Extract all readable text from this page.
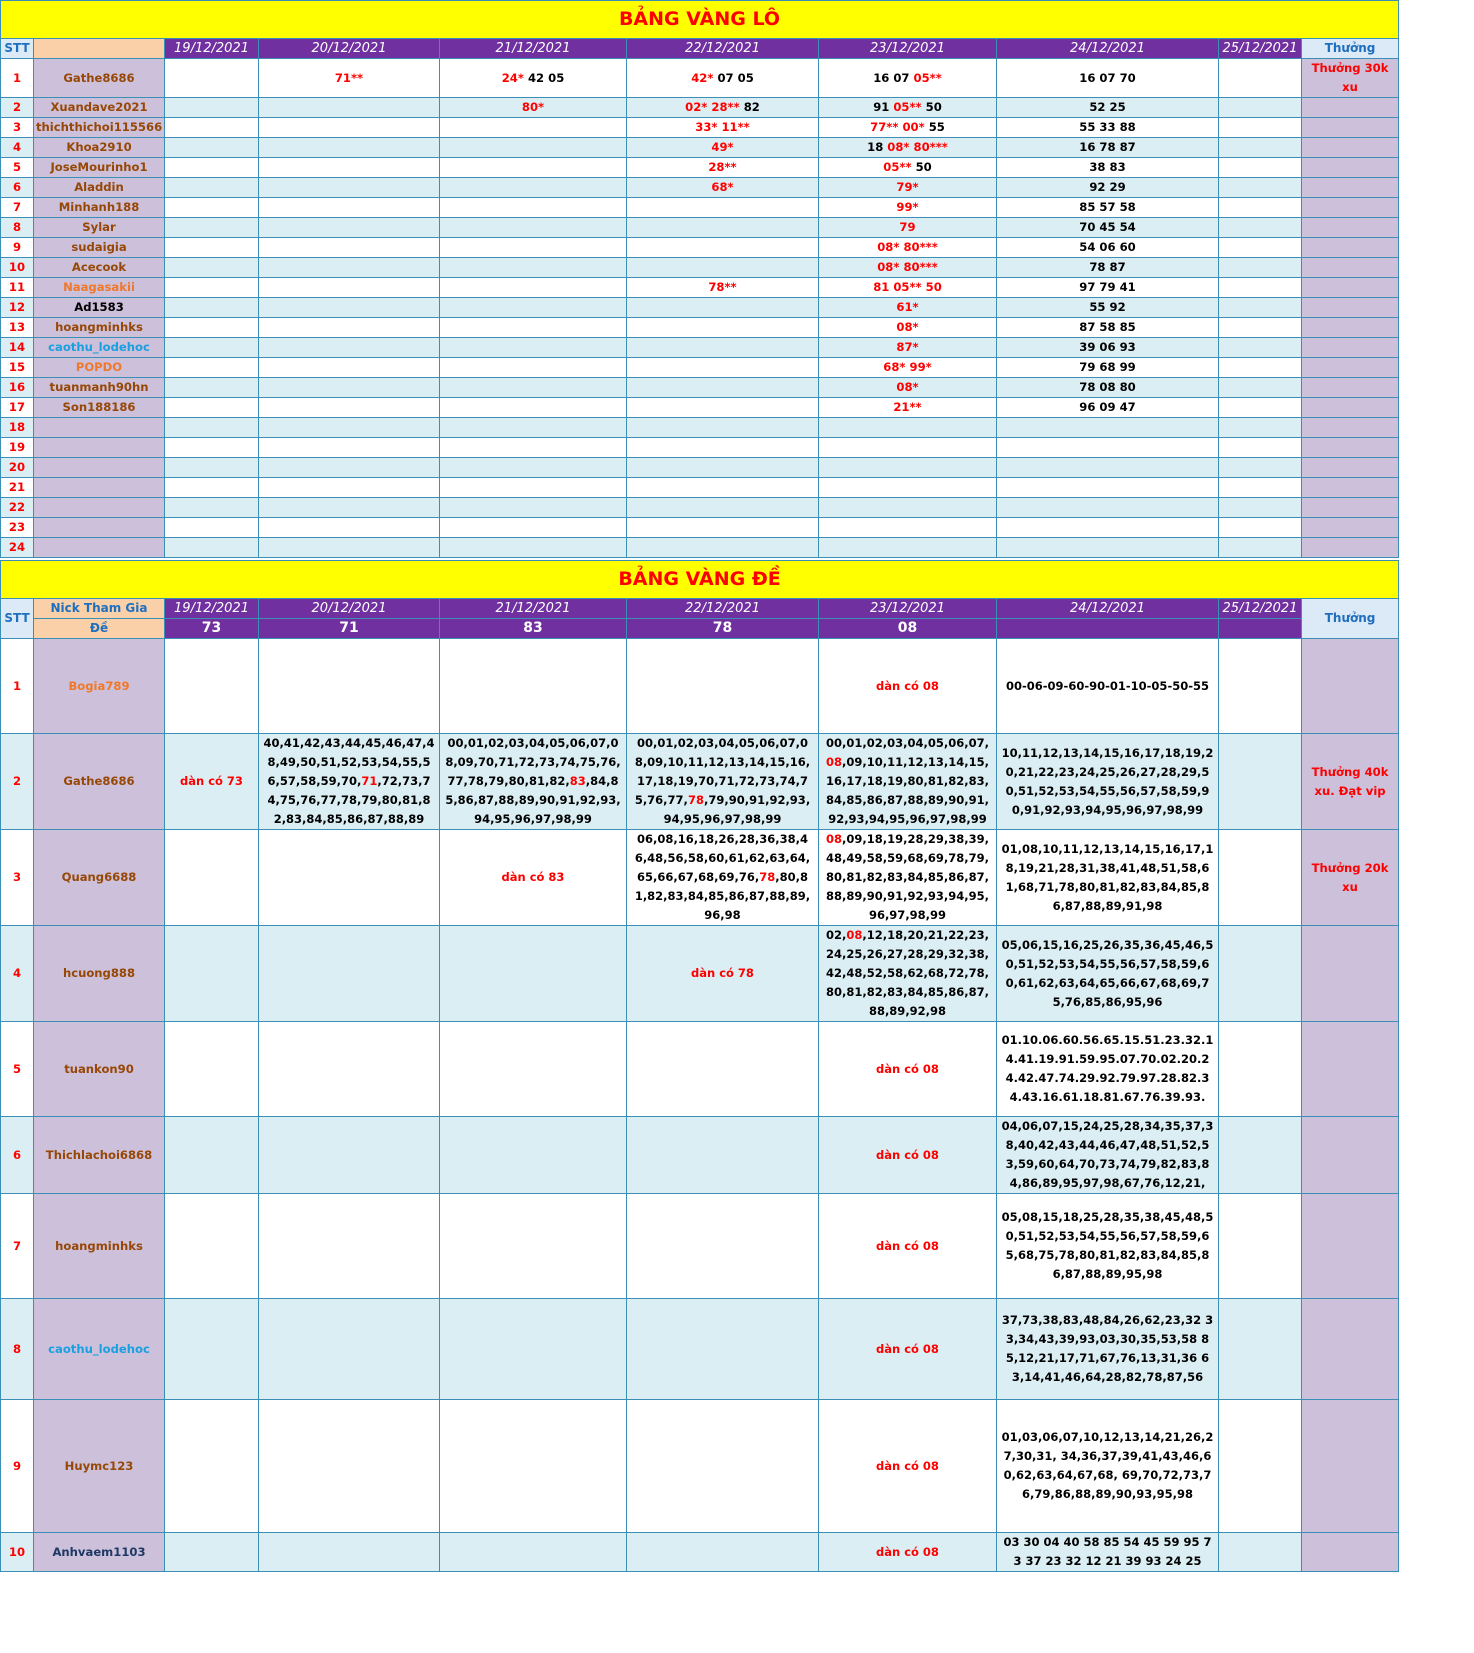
BẢNG VÀNG LÔ									
STT		19/12/2021	20/12/2021	21/12/2021	22/12/2021	23/12/2021	24/12/2021	25/12/2021	Thưởng
1	Gathe8686		71**	24* 42 05	42* 07 05	16 07 05**	16 07 70		Thưởng 30k xu
2	Xuandave2021			80*	02* 28** 82	91 05** 50	52 25		
3	thichthichoi115566				33* 11**	77** 00* 55	55 33 88		
4	Khoa2910				49*	18 08* 80***	16 78 87		
5	JoseMourinho1				28**	05** 50	38 83		
6	Aladdin				68*	79*	92 29		
7	Minhanh188					99*	85 57 58		
8	Sylar					79	70 45 54		
9	sudaigia					08* 80***	54 06 60		
10	Acecook					08* 80***	78 87		
11	Naagasakii				78**	81 05** 50	97 79 41		
12	Ad1583					61*	55 92		
13	hoangminhks					08*	87 58 85		
14	caothu_lodehoc					87*	39 06 93		
15	POPDO					68* 99*	79 68 99		
16	tuanmanh90hn					08*	78 08 80		
17	Son188186					21**	96 09 47		
18									
19									
20									
21									
22									
23									
24									
BẢNG VÀNG ĐỀ									
STT	Nick Tham Gia	19/12/2021	20/12/2021	21/12/2021	22/12/2021	23/12/2021	24/12/2021	25/12/2021	Thưởng
	Đề	73	71	83	78	08			
1	Bogia789					dàn có 08	00-06-09-60-90-01-10-05-50-55		
2	Gathe8686	dàn có 73	40,41,42,43,44,45,46,47,48,49,50,51,52,53,54,55,56,57,58,59,70,71,72,73,74,75,76,77,78,79,80,81,82,83,84,85,86,87,88,89	00,01,02,03,04,05,06,07,08,09,70,71,72,73,74,75,76,77,78,79,80,81,82,83,84,85,86,87,88,89,90,91,92,93,94,95,96,97,98,99	00,01,02,03,04,05,06,07,08,09,10,11,12,13,14,15,16,17,18,19,70,71,72,73,74,75,76,77,78,79,90,91,92,93,94,95,96,97,98,99	00,01,02,03,04,05,06,07,08,09,10,11,12,13,14,15,16,17,18,19,80,81,82,83,84,85,86,87,88,89,90,91,92,93,94,95,96,97,98,99	10,11,12,13,14,15,16,17,18,19,20,21,22,23,24,25,26,27,28,29,50,51,52,53,54,55,56,57,58,59,90,91,92,93,94,95,96,97,98,99		Thưởng 40k xu. Đạt vip
3	Quang6688			dàn có 83	06,08,16,18,26,28,36,38,46,48,56,58,60,61,62,63,64,65,66,67,68,69,76,78,80,81,82,83,84,85,86,87,88,89,96,98	08,09,18,19,28,29,38,39,48,49,58,59,68,69,78,79,80,81,82,83,84,85,86,87,88,89,90,91,92,93,94,95,96,97,98,99	01,08,10,11,12,13,14,15,16,17,18,19,21,28,31,38,41,48,51,58,61,68,71,78,80,81,82,83,84,85,86,87,88,89,91,98		Thưởng 20k xu
4	hcuong888				dàn có 78	02,08,12,18,20,21,22,23,24,25,26,27,28,29,32,38,42,48,52,58,62,68,72,78,80,81,82,83,84,85,86,87,88,89,92,98	05,06,15,16,25,26,35,36,45,46,50,51,52,53,54,55,56,57,58,59,60,61,62,63,64,65,66,67,68,69,75,76,85,86,95,96		
5	tuankon90					dàn có 08	01.10.06.60.56.65.15.51.23.32.14.41.19.91.59.95.07.70.02.20.24.42.47.74.29.92.79.97.28.82.34.43.16.61.18.81.67.76.39.93.		
6	Thichlachoi6868					dàn có 08	04,06,07,15,24,25,28,34,35,37,38,40,42,43,44,46,47,48,51,52,53,59,60,64,70,73,74,79,82,83,84,86,89,95,97,98,67,76,12,21,		
7	hoangminhks					dàn có 08	05,08,15,18,25,28,35,38,45,48,50,51,52,53,54,55,56,57,58,59,65,68,75,78,80,81,82,83,84,85,86,87,88,89,95,98		
8	caothu_lodehoc					dàn có 08	37,73,38,83,48,84,26,62,23,32 33,34,43,39,93,03,30,35,53,58 85,12,21,17,71,67,76,13,31,36 63,14,41,46,64,28,82,78,87,56		
9	Huymc123					dàn có 08	01,03,06,07,10,12,13,14,21,26,27,30,31, 34,36,37,39,41,43,46,60,62,63,64,67,68, 69,70,72,73,76,79,86,88,89,90,93,95,98		
10	Anhvaem1103					dàn có 08	03 30 04 40 58 85 54 45 59 95 73 37 23 32 12 21 39 93 24 25		
